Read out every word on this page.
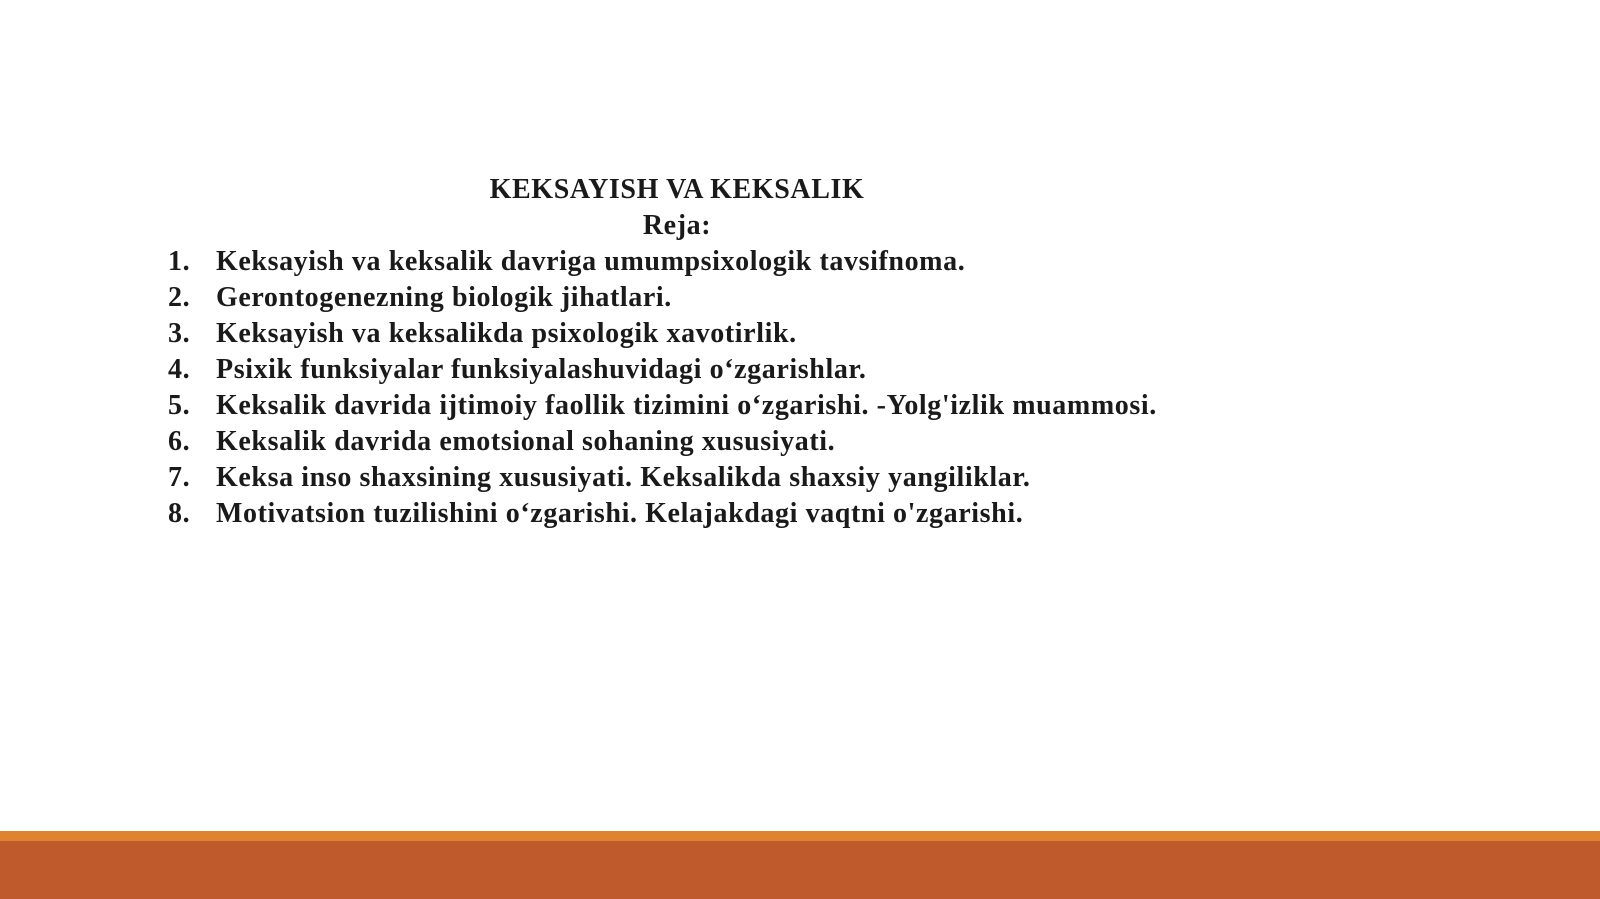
KEKSAYISH VA KEKSALIK
Reja:
1. Keksayish va keksalik davriga umumpsixologik tavsifnoma.
2. Gerontogenezning biologik jihatlari.
3. Keksayish va keksalikda psixologik xavotirlik.
4. Psixik funksiyalar funksiyalashuvidagi o‘zgarishlar.
5. Keksalik davrida ijtimoiy faollik tizimini o‘zgarishi. -Yolg'izlik muammosi.
6. Keksalik davrida emotsional sohaning xususiyati.
7. Keksa inso shaxsining xususiyati. Keksalikda shaxsiy yangiliklar.
8. Motivatsion tuzilishini o‘zgarishi. Kelajakdagi vaqtni o'zgarishi.
